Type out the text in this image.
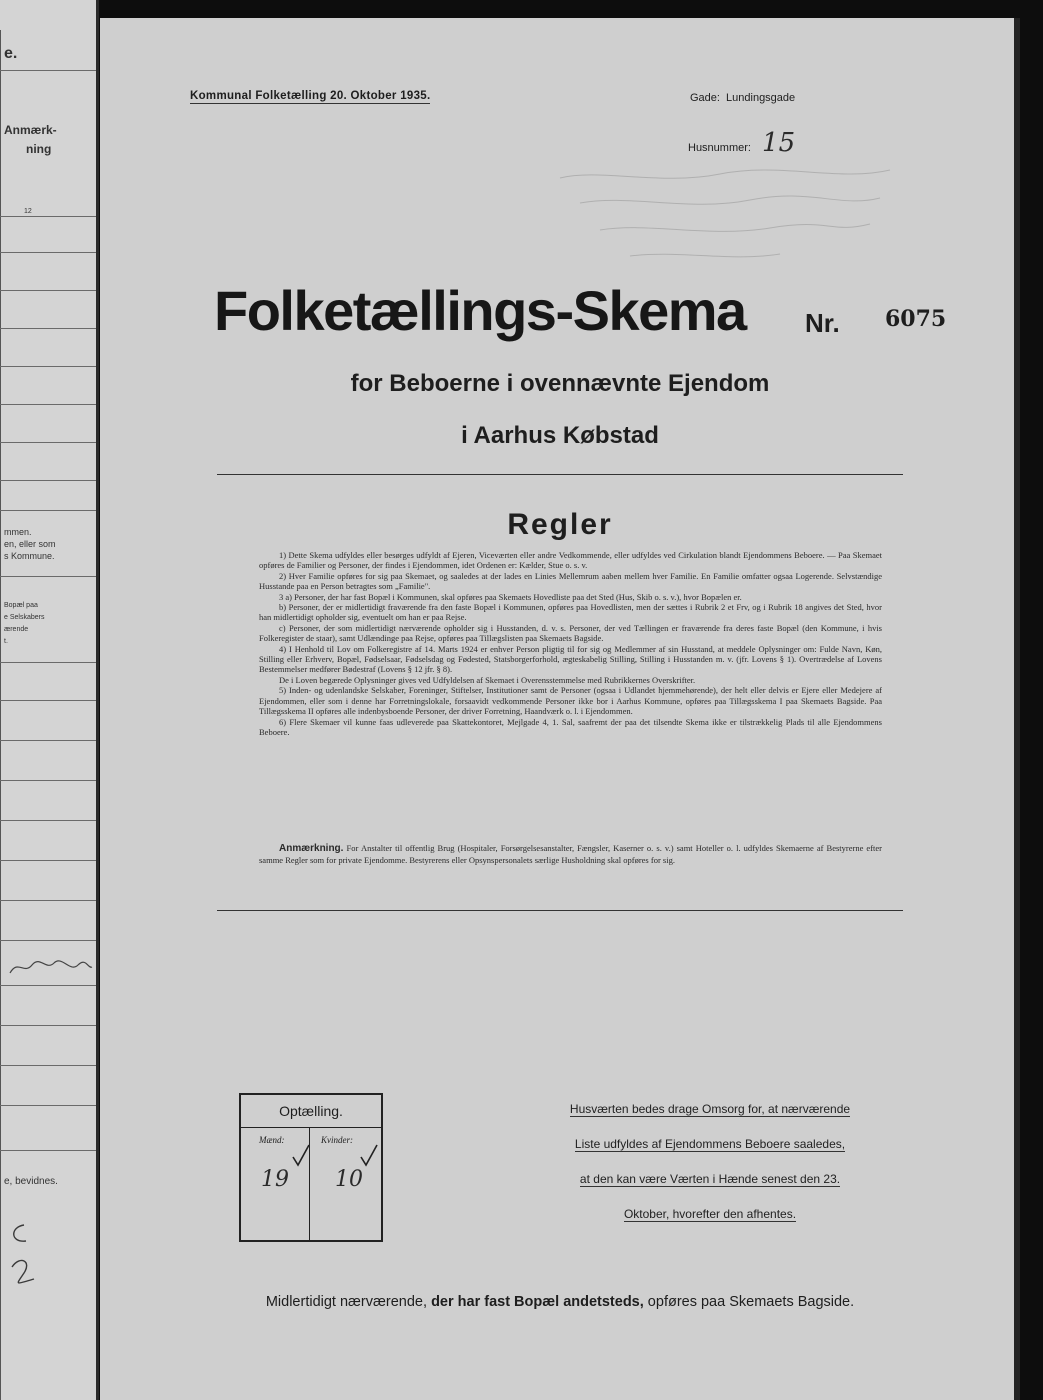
e.
Anmærk-
ning
12
mmen.
en, eller som
s Kommune.
Bopæl paa
e Selskabers
ærende
t.
e, bevidnes.
Kommunal Folketælling 20. Oktober 1935.	Gade: Lundingsgade
Husnummer: 15
Folketællings-Skema Nr. 6075
for Beboerne i ovennævnte Ejendom
i Aarhus Købstad
Regler

1) Dette Skema udfyldes eller besørges udfyldt af Ejeren, Viceværten eller andre Vedkommende, eller udfyldes ved Cirkulation blandt Ejendommens Beboere. — Paa Skemaet opføres de Familier og Personer, der findes i Ejendommen, idet Ordenen er: Kælder, Stue o. s. v.

2) Hver Familie opføres for sig paa Skemaet, og saaledes at der lades en Linies Mellemrum aaben mellem hver Familie. En Familie omfatter ogsaa Logerende. Selvstændige Husstande paa en Person betragtes som „Familie".

3 a) Personer, der har fast Bopæl i Kommunen, skal opføres paa Skemaets Hovedliste paa det Sted (Hus, Skib o. s. v.), hvor Bopælen er.

b) Personer, der er midlertidigt fraværende fra den faste Bopæl i Kommunen, opføres paa Hovedlisten, men der sættes i Rubrik 2 et Frv, og i Rubrik 18 angives det Sted, hvor han midlertidigt opholder sig, eventuelt om han er paa Rejse.

c) Personer, der som midlertidigt nærværende opholder sig i Husstanden, d. v. s. Personer, der ved Tællingen er fraværende fra deres faste Bopæl (den Kommune, i hvis Folkeregister de staar), samt Udlændinge paa Rejse, opføres paa Tillægslisten paa Skemaets Bagside.

4) I Henhold til Lov om Folkeregistre af 14. Marts 1924 er enhver Person pligtig til for sig og Medlemmer af sin Husstand, at meddele Oplysninger om: Fulde Navn, Køn, Stilling eller Erhverv, Bopæl, Fødselsaar, Fødselsdag og Fødested, Statsborgerforhold, ægteskabelig Stilling, Stilling i Husstanden m. v. (jfr. Lovens § 1). Overtrædelse af Lovens Bestemmelser medfører Bødestraf (Lovens § 12 jfr. § 8).

De i Loven begærede Oplysninger gives ved Udfyldelsen af Skemaet i Overensstemmelse med Rubrikkernes Overskrifter.

5) Inden- og udenlandske Selskaber, Foreninger, Stiftelser, Institutioner samt de Personer (ogsaa i Udlandet hjemmehørende), der helt eller delvis er Ejere eller Medejere af Ejendommen, eller som i denne har Forretningslokale, forsaavidt vedkommende Personer ikke bor i Aarhus Kommune, opføres paa Tillægsskema I paa Skemaets Bagside. Paa Tillægsskema II opføres alle indenbysboende Personer, der driver Forretning, Haandværk o. l. i Ejendommen.

6) Flere Skemaer vil kunne faas udleverede paa Skattekontoret, Mejlgade 4, 1. Sal, saafremt der paa det tilsendte Skema ikke er tilstrækkelig Plads til alle Ejendommens Beboere.

Anmærkning. For Anstalter til offentlig Brug (Hospitaler, Forsørgelsesanstalter, Fængsler, Kaserner o. s. v.) samt Hoteller o. l. udfyldes Skemaerne af Bestyrerne efter samme Regler som for private Ejendomme. Bestyrerens eller Opsynspersonalets særlige Husholdning skal opføres for sig.
Optælling.
Mænd:	Kvinder:
19 10
Husværten bedes drage Omsorg for, at nærværende
Liste udfyldes af Ejendommens Beboere saaledes,
at den kan være Værten i Hænde senest den 23.
Oktober, hvorefter den afhentes.
Midlertidigt nærværende, der har fast Bopæl andetsteds, opføres paa Skemaets Bagside.
